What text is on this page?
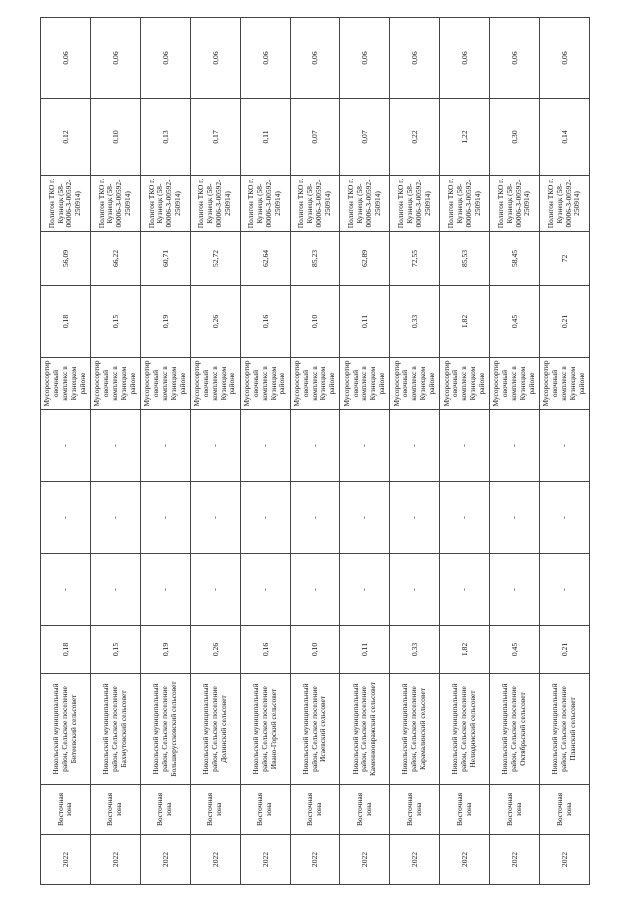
2022	Восточная зона	Никольский муниципальный район, Сельское поселение Битеевский сельсовет	0,18	-	-	-	Мусоросортировочный комплекс в Кузнецком районе	0,18	56,09	Полигон ТКО г. Кузнецк (58-00006-З-00592-250914)	0,12	0,06
2022	Восточная зона	Никольский муниципальный район, Сельское поселение Бахмутовский сельсовет	0,15	-	-	-	Мусоросортировочный комплекс в Кузнецком районе	0,15	66,22	Полигон ТКО г. Кузнецк (58-00006-З-00592-250914)	0,10	0,06
2022	Восточная зона	Никольский муниципальный район, Сельское поселение Большеруссковский сельсовет	0,19	-	-	-	Мусоросортировочный комплекс в Кузнецком районе	0,19	60,71	Полигон ТКО г. Кузнецк (58-00006-З-00592-250914)	0,13	0,06
2022	Восточная зона	Никольский муниципальный район, Сельское поселение Долинский сельсовет	0,26	-	-	-	Мусоросортировочный комплекс в Кузнецком районе	0,26	52,72	Полигон ТКО г. Кузнецк (58-00006-З-00592-250914)	0,17	0,06
2022	Восточная зона	Никольский муниципальный район, Сельское поселение Ивано-Горский сельсовет	0,16	-	-	-	Мусоросортировочный комплекс в Кузнецком районе	0,16	62,64	Полигон ТКО г. Кузнецк (58-00006-З-00592-250914)	0,11	0,06
2022	Восточная зона	Никольский муниципальный район, Сельское поселение Исаевский сельсовет	0,10	-	-	-	Мусоросортировочный комплекс в Кузнецком районе	0,10	85,23	Полигон ТКО г. Кузнецк (58-00006-З-00592-250914)	0,07	0,06
2022	Восточная зона	Никольский муниципальный район, Сельское поселение Каменноовражский сельсовет	0,11	-	-	-	Мусоросортировочный комплекс в Кузнецком районе	0,11	62,89	Полигон ТКО г. Кузнецк (58-00006-З-00592-250914)	0,07	0,06
2022	Восточная зона	Никольский муниципальный район, Сельское поселение Карамалинский сельсовет	0,33	-	-	-	Мусоросортировочный комплекс в Кузнецком районе	0,33	72,55	Полигон ТКО г. Кузнецк (58-00006-З-00592-250914)	0,22	0,06
2022	Восточная зона	Никольский муниципальный район, Сельское поселение Нелюдимский сельсовет	1,82	-	-	-	Мусоросортировочный комплекс в Кузнецком районе	1,82	85,53	Полигон ТКО г. Кузнецк (58-00006-З-00592-250914)	1,22	0,06
2022	Восточная зона	Никольский муниципальный район, Сельское поселение Октябрьский сельсовет	0,45	-	-	-	Мусоросортировочный комплекс в Кузнецком районе	0,45	58,45	Полигон ТКО г. Кузнецк (58-00006-З-00592-250914)	0,30	0,06
2022	Восточная зона	Никольский муниципальный район, Сельское поселение Планский сельсовет	0,21	-	-	-	Мусоросортировочный комплекс в Кузнецком районе	0,21	72	Полигон ТКО г. Кузнецк (58-00006-З-00592-250914)	0,14	0,06
